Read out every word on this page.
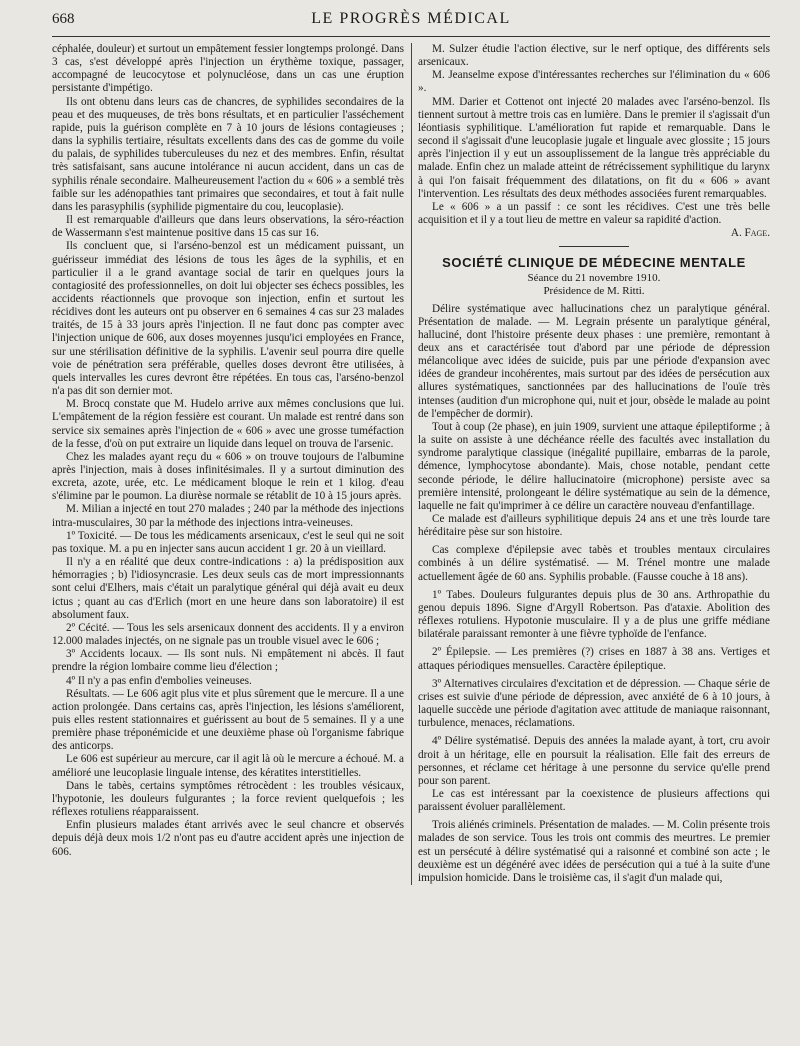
668	LE PROGRÈS MÉDICAL

céphalée, douleur) et surtout un empâtement fessier longtemps prolongé. Dans 3 cas, s'est développé après l'injection un érythème toxique, passager, accompagné de leucocytose et polynucléose, dans un cas une éruption persistante d'impétigo.

Ils ont obtenu dans leurs cas de chancres, de syphilides secondaires de la peau et des muqueuses, de très bons résultats, et en particulier l'asséchement rapide, puis la guérison complète en 7 à 10 jours de lésions contagieuses ; dans la syphilis tertiaire, résultats excellents dans des cas de gomme du voile du palais, de syphilides tuberculeuses du nez et des membres. Enfin, résultat très satisfaisant, sans aucune intolérance ni aucun accident, dans un cas de syphilis rénale secondaire. Malheureusement l'action du « 606 » a semblé très faible sur les adénopathies tant primaires que secondaires, et tout à fait nulle dans les parasyphilis (syphilide pigmentaire du cou, leucoplasie).

Il est remarquable d'ailleurs que dans leurs observations, la séro-réaction de Wassermann s'est maintenue positive dans 15 cas sur 16.

Ils concluent que, si l'arséno-benzol est un médicament puissant, un guérisseur immédiat des lésions de tous les âges de la syphilis, et en particulier il a le grand avantage social de tarir en quelques jours la contagiosité des professionnelles, on doit lui objecter ses échecs possibles, les accidents réactionnels que provoque son injection, enfin et surtout les récidives dont les auteurs ont pu observer en 6 semaines 4 cas sur 23 malades traités, de 15 à 33 jours après l'injection. Il ne faut donc pas compter avec l'injection unique de 606, aux doses moyennes jusqu'ici employées en France, sur une stérilisation définitive de la syphilis. L'avenir seul pourra dire quelle voie de pénétration sera préférable, quelles doses devront être utilisées, à quels intervalles les cures devront être répétées. En tous cas, l'arséno-benzol n'a pas dit son dernier mot.

M. Brocq constate que M. Hudelo arrive aux mêmes conclusions que lui. L'empâtement de la région fessière est courant. Un malade est rentré dans son service six semaines après l'injection de « 606 » avec une grosse tuméfaction de la fesse, d'où on put extraire un liquide dans lequel on trouva de l'arsenic.

Chez les malades ayant reçu du « 606 » on trouve toujours de l'albumine après l'injection, mais à doses infinitésimales. Il y a surtout diminution des excreta, azote, urée, etc. Le médicament bloque le rein et 1 kilog. d'eau s'élimine par le poumon. La diurèse normale se rétablit de 10 à 15 jours après.

M. Milian a injecté en tout 270 malades ; 240 par la méthode des injections intra-musculaires, 30 par la méthode des injections intra-veineuses.

1º Toxicité. — De tous les médicaments arsenicaux, c'est le seul qui ne soit pas toxique. M. a pu en injecter sans aucun accident 1 gr. 20 à un vieillard.

Il n'y a en réalité que deux contre-indications : a) la prédisposition aux hémorragies ; b) l'idiosyncrasie. Les deux seuls cas de mort impressionnants sont celui d'Elhers, mais c'était un paralytique général qui déjà avait eu deux ictus ; quant au cas d'Erlich (mort en une heure dans son laboratoire) il est absolument faux.

2º Cécité. — Tous les sels arsenicaux donnent des accidents. Il y a environ 12.000 malades injectés, on ne signale pas un trouble visuel avec le 606 ;

3º Accidents locaux. — Ils sont nuls. Ni empâtement ni abcès. Il faut prendre la région lombaire comme lieu d'élection ;

4º Il n'y a pas enfin d'embolies veineuses.

Résultats. — Le 606 agit plus vite et plus sûrement que le mercure. Il a une action prolongée. Dans certains cas, après l'injection, les lésions s'améliorent, puis elles restent stationnaires et guérissent au bout de 5 semaines. Il y a une première phase tréponémicide et une deuxième phase où l'organisme fabrique des anticorps.

Le 606 est supérieur au mercure, car il agit là où le mercure a échoué. M. a amélioré une leucoplasie linguale intense, des kératites interstitielles.

Dans le tabès, certains symptômes rétrocèdent : les troubles vésicaux, l'hypotonie, les douleurs fulgurantes ; la force revient quelquefois ; les réflexes rotuliens réapparaissent.

Enfin plusieurs malades étant arrivés avec le seul chancre et observés depuis déjà deux mois 1/2 n'ont pas eu d'autre accident après une injection de 606.

M. Sulzer étudie l'action élective, sur le nerf optique, des différents sels arsenicaux.

M. Jeanselme expose d'intéressantes recherches sur l'élimination du « 606 ».

MM. Darier et Cottenot ont injecté 20 malades avec l'arséno-benzol. Ils tiennent surtout à mettre trois cas en lumière. Dans le premier il s'agissait d'un léontiasis syphilitique. L'amélioration fut rapide et remarquable. Dans le second il s'agissait d'une leucoplasie jugale et linguale avec glossite ; 15 jours après l'injection il y eut un assouplissement de la langue très appréciable du malade. Enfin chez un malade atteint de rétrécissement syphilitique du larynx à qui l'on faisait fréquemment des dilatations, on fit du « 606 » avant l'intervention. Les résultats des deux méthodes associées furent remarquables.

Le « 606 » a un passif : ce sont les récidives. C'est une très belle acquisition et il y a tout lieu de mettre en valeur sa rapidité d'action.

A. Fage.
SOCIÉTÉ CLINIQUE DE MÉDECINE MENTALE
Séance du 21 novembre 1910.
Présidence de M. Ritti.

Délire systématique avec hallucinations chez un paralytique général. Présentation de malade. — M. Legrain présente un paralytique général, halluciné, dont l'histoire présente deux phases : une première, remontant à deux ans et caractérisée tout d'abord par une période de dépression mélancolique avec idées de suicide, puis par une période d'expansion avec idées de grandeur incohérentes, mais surtout par des idées de persécution aux allures systématiques, sanctionnées par des hallucinations de l'ouïe très intenses (audition d'un microphone qui, nuit et jour, obsède le malade au point de l'empêcher de dormir).

Tout à coup (2e phase), en juin 1909, survient une attaque épileptiforme ; à la suite on assiste à une déchéance réelle des facultés avec installation du syndrome paralytique classique (inégalité pupillaire, embarras de la parole, démence, lymphocytose abondante). Mais, chose notable, pendant cette seconde période, le délire hallucinatoire (microphone) persiste avec sa première intensité, prolongeant le délire systématique au sein de la démence, laquelle ne fait qu'imprimer à ce délire un caractère nouveau d'enfantillage.

Ce malade est d'ailleurs syphilitique depuis 24 ans et une très lourde tare héréditaire pèse sur son histoire.

Cas complexe d'épilepsie avec tabès et troubles mentaux circulaires combinés à un délire systématisé. — M. Trénel montre une malade actuellement âgée de 60 ans. Syphilis probable. (Fausse couche à 18 ans).

1º Tabes. Douleurs fulgurantes depuis plus de 30 ans. Arthropathie du genou depuis 1896. Signe d'Argyll Robertson. Pas d'ataxie. Abolition des réflexes rotuliens. Hypotonie musculaire. Il y a de plus une griffe médiane bilatérale paraissant remonter à une fièvre typhoïde de l'enfance.

2º Épilepsie. — Les premières (?) crises en 1887 à 38 ans. Vertiges et attaques périodiques mensuelles. Caractère épileptique.

3º Alternatives circulaires d'excitation et de dépression. — Chaque série de crises est suivie d'une période de dépression, avec anxiété de 6 à 10 jours, à laquelle succède une période d'agitation avec attitude de maniaque raisonnant, turbulence, menaces, réclamations.

4º Délire systématisé. Depuis des années la malade ayant, à tort, cru avoir droit à un héritage, elle en poursuit la réalisation. Elle fait des erreurs de personnes, et réclame cet héritage à une personne du service qu'elle prend pour son parent.

Le cas est intéressant par la coexistence de plusieurs affections qui paraissent évoluer parallèlement.

Trois aliénés criminels. Présentation de malades. — M. Colin présente trois malades de son service. Tous les trois ont commis des meurtres. Le premier est un persécuté à délire systématisé qui a raisonné et combiné son acte ; le deuxième est un dégénéré avec idées de persécution qui a tué à la suite d'une impulsion homicide. Dans le troisième cas, il s'agit d'un malade qui,
